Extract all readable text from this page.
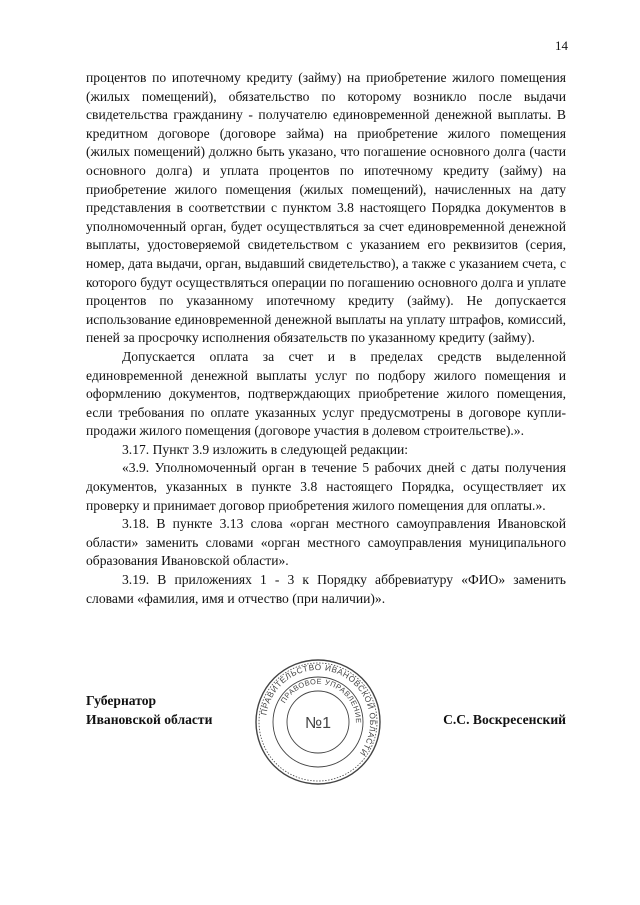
14

процентов по ипотечному кредиту (займу) на приобретение жилого помещения (жилых помещений), обязательство по которому возникло после выдачи свидетельства гражданину - получателю единовременной денежной выплаты. В кредитном договоре (договоре займа) на приобретение жилого помещения (жилых помещений) должно быть указано, что погашение основного долга (части основного долга) и уплата процентов по ипотечному кредиту (займу) на приобретение жилого помещения (жилых помещений), начисленных на дату представления в соответствии с пунктом 3.8 настоящего Порядка документов в уполномоченный орган, будет осуществляться за счет единовременной денежной выплаты, удостоверяемой свидетельством с указанием его реквизитов (серия, номер, дата выдачи, орган, выдавший свидетельство), а также с указанием счета, с которого будут осуществляться операции по погашению основного долга и уплате процентов по указанному ипотечному кредиту (займу). Не допускается использование единовременной денежной выплаты на уплату штрафов, комиссий, пеней за просрочку исполнения обязательств по указанному кредиту (займу).

Допускается оплата за счет и в пределах средств выделенной единовременной денежной выплаты услуг по подбору жилого помещения и оформлению документов, подтверждающих приобретение жилого помещения, если требования по оплате указанных услуг предусмотрены в договоре купли-продажи жилого помещения (договоре участия в долевом строительстве).».

3.17. Пункт 3.9 изложить в следующей редакции:

«3.9. Уполномоченный орган в течение 5 рабочих дней с даты получения документов, указанных в пункте 3.8 настоящего Порядка, осуществляет их проверку и принимает договор приобретения жилого помещения для оплаты.».

3.18. В пункте 3.13 слова «орган местного самоуправления Ивановской области» заменить словами «орган местного самоуправления муниципального образования Ивановской области».

3.19. В приложениях 1 - 3 к Порядку аббревиатуру «ФИО» заменить словами «фамилия, имя и отчество (при наличии)».

Губернатор
Ивановской области	ПРАВИТЕЛЬСТВО ИВАНОВСКОЙ ОБЛАСТИ
ПРАВОВОЕ УПРАВЛЕНИЕ
№1	С.С. Воскресенский
